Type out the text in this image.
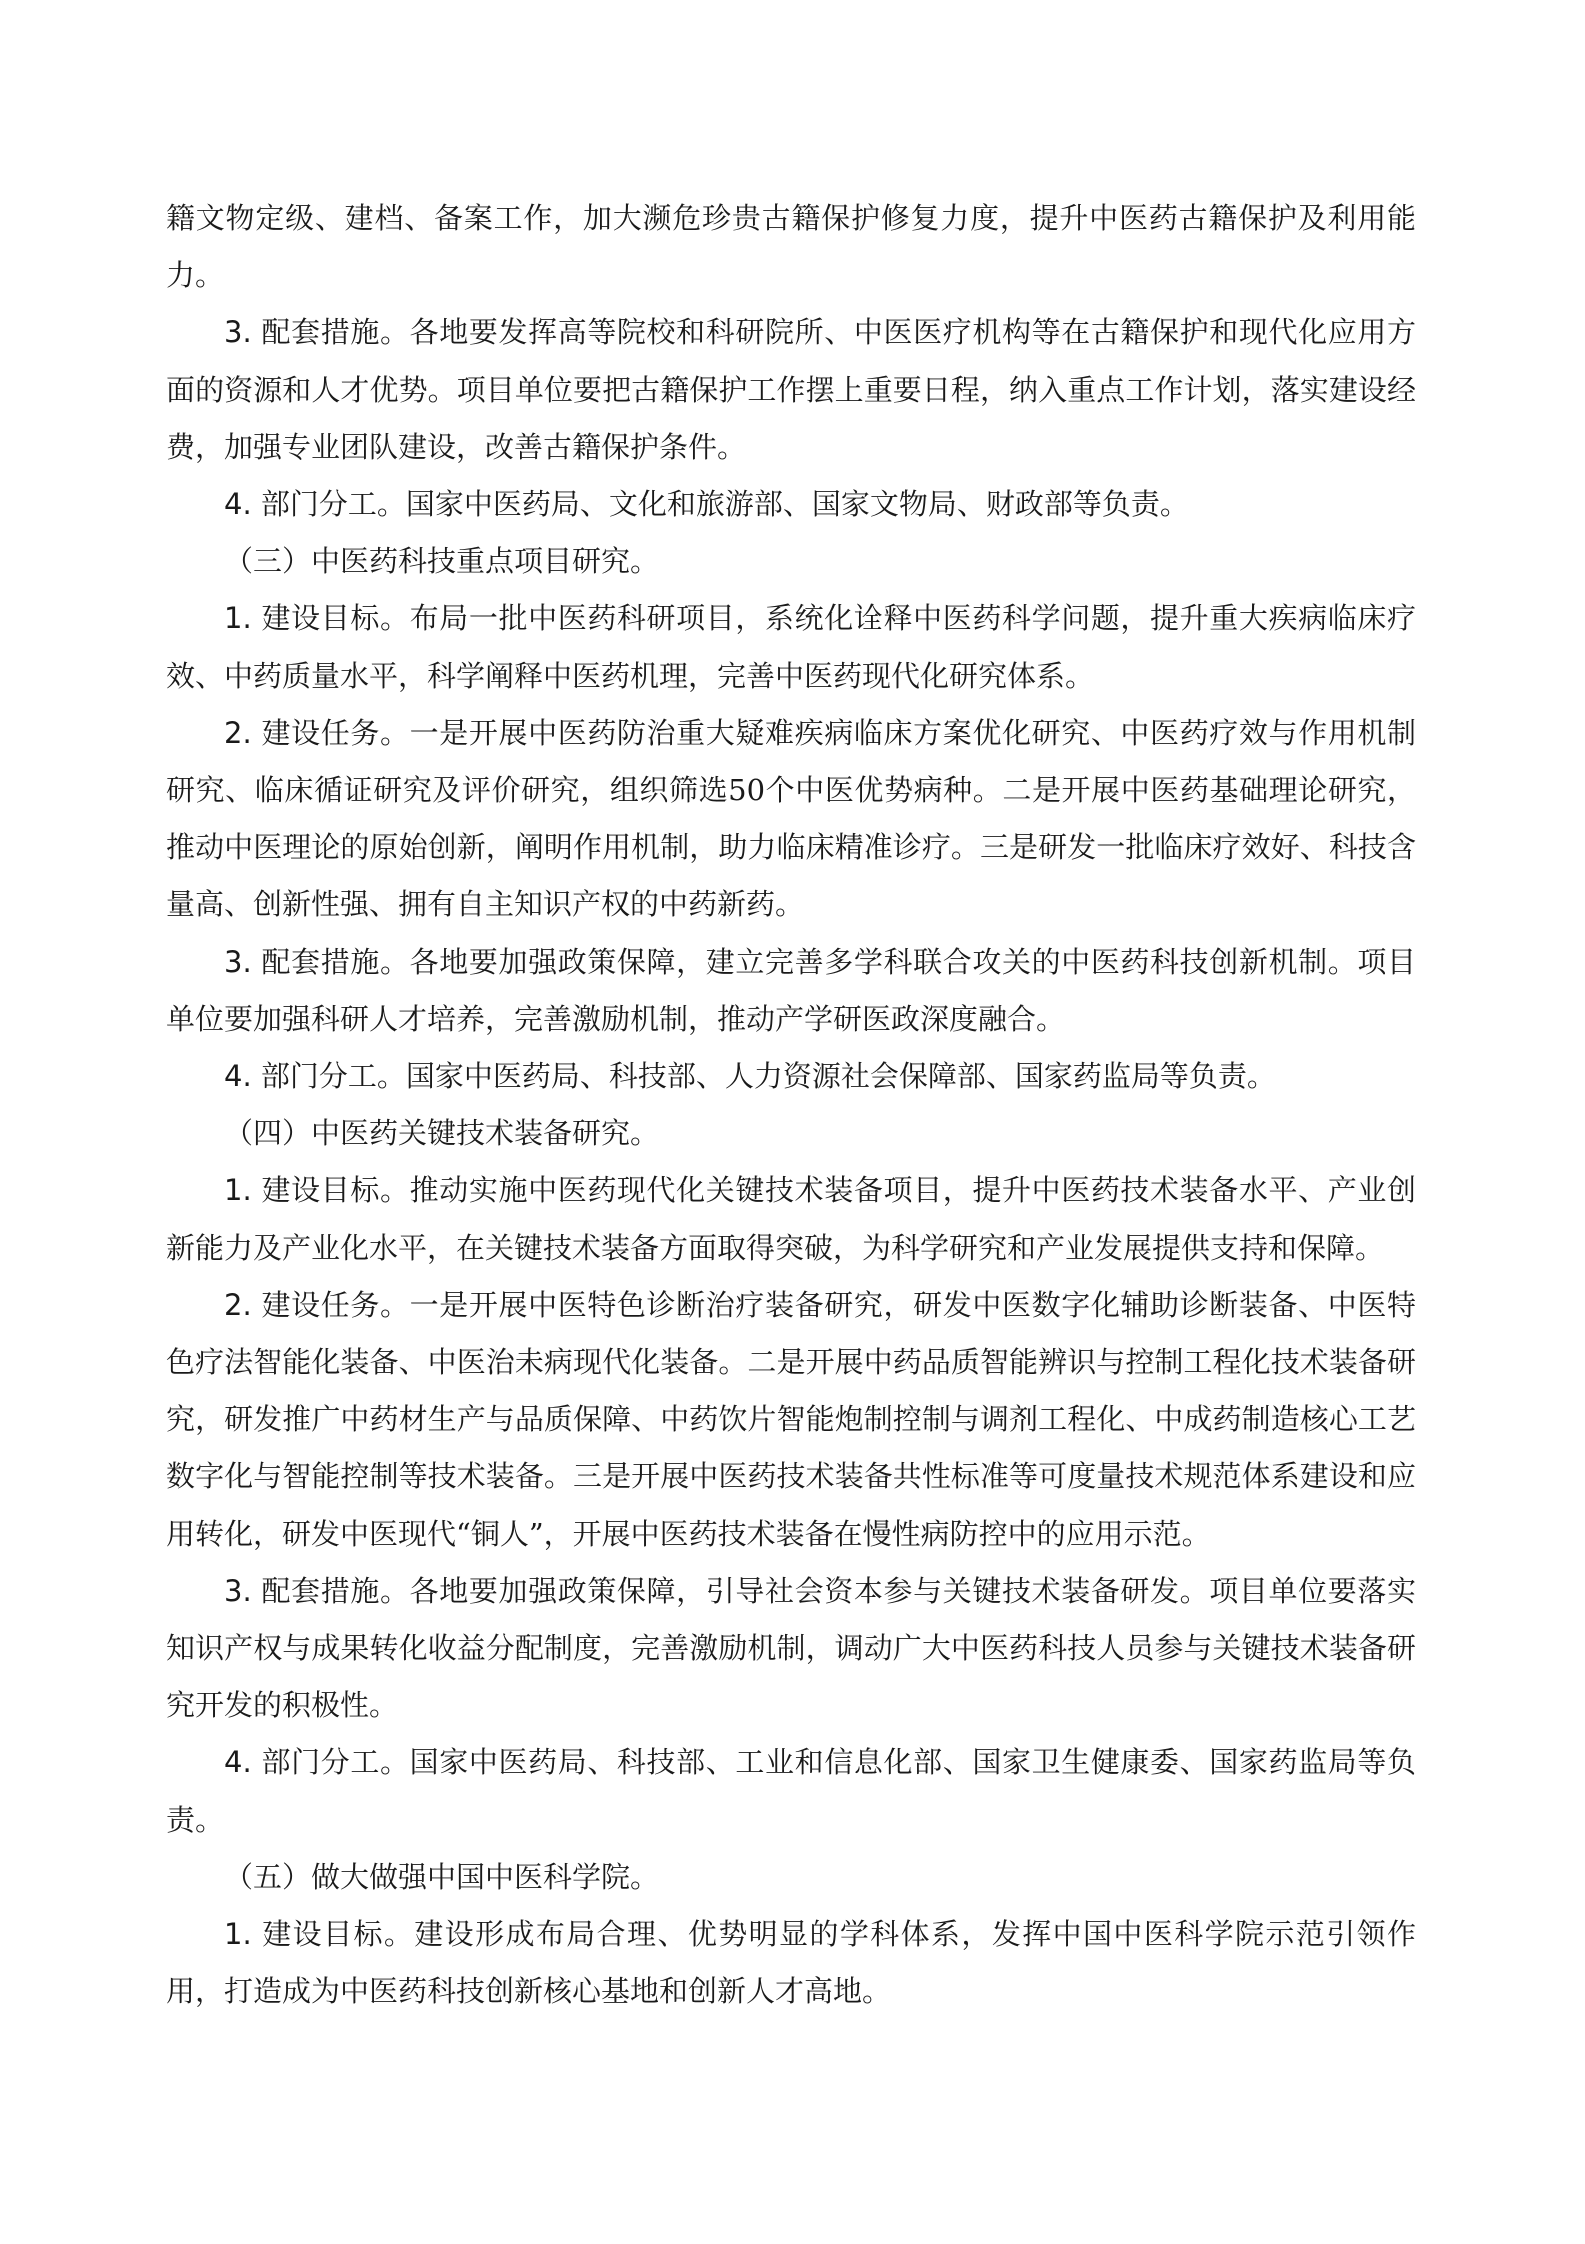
籍文物定级、建档、备案工作，加大濒危珍贵古籍保护修复力度，提升中医药古籍保护及利用能力。

3. 配套措施。各地要发挥高等院校和科研院所、中医医疗机构等在古籍保护和现代化应用方面的资源和人才优势。项目单位要把古籍保护工作摆上重要日程，纳入重点工作计划，落实建设经费，加强专业团队建设，改善古籍保护条件。

4. 部门分工。国家中医药局、文化和旅游部、国家文物局、财政部等负责。

（三）中医药科技重点项目研究。

1. 建设目标。布局一批中医药科研项目，系统化诠释中医药科学问题，提升重大疾病临床疗效、中药质量水平，科学阐释中医药机理，完善中医药现代化研究体系。

2. 建设任务。一是开展中医药防治重大疑难疾病临床方案优化研究、中医药疗效与作用机制研究、临床循证研究及评价研究，组织筛选50个中医优势病种。二是开展中医药基础理论研究，推动中医理论的原始创新，阐明作用机制，助力临床精准诊疗。三是研发一批临床疗效好、科技含量高、创新性强、拥有自主知识产权的中药新药。

3. 配套措施。各地要加强政策保障，建立完善多学科联合攻关的中医药科技创新机制。项目单位要加强科研人才培养，完善激励机制，推动产学研医政深度融合。

4. 部门分工。国家中医药局、科技部、人力资源社会保障部、国家药监局等负责。

（四）中医药关键技术装备研究。

1. 建设目标。推动实施中医药现代化关键技术装备项目，提升中医药技术装备水平、产业创新能力及产业化水平，在关键技术装备方面取得突破，为科学研究和产业发展提供支持和保障。

2. 建设任务。一是开展中医特色诊断治疗装备研究，研发中医数字化辅助诊断装备、中医特色疗法智能化装备、中医治未病现代化装备。二是开展中药品质智能辨识与控制工程化技术装备研究，研发推广中药材生产与品质保障、中药饮片智能炮制控制与调剂工程化、中成药制造核心工艺数字化与智能控制等技术装备。三是开展中医药技术装备共性标准等可度量技术规范体系建设和应用转化，研发中医现代“铜人”，开展中医药技术装备在慢性病防控中的应用示范。

3. 配套措施。各地要加强政策保障，引导社会资本参与关键技术装备研发。项目单位要落实知识产权与成果转化收益分配制度，完善激励机制，调动广大中医药科技人员参与关键技术装备研究开发的积极性。

4. 部门分工。国家中医药局、科技部、工业和信息化部、国家卫生健康委、国家药监局等负责。

（五）做大做强中国中医科学院。

1. 建设目标。建设形成布局合理、优势明显的学科体系，发挥中国中医科学院示范引领作用，打造成为中医药科技创新核心基地和创新人才高地。
